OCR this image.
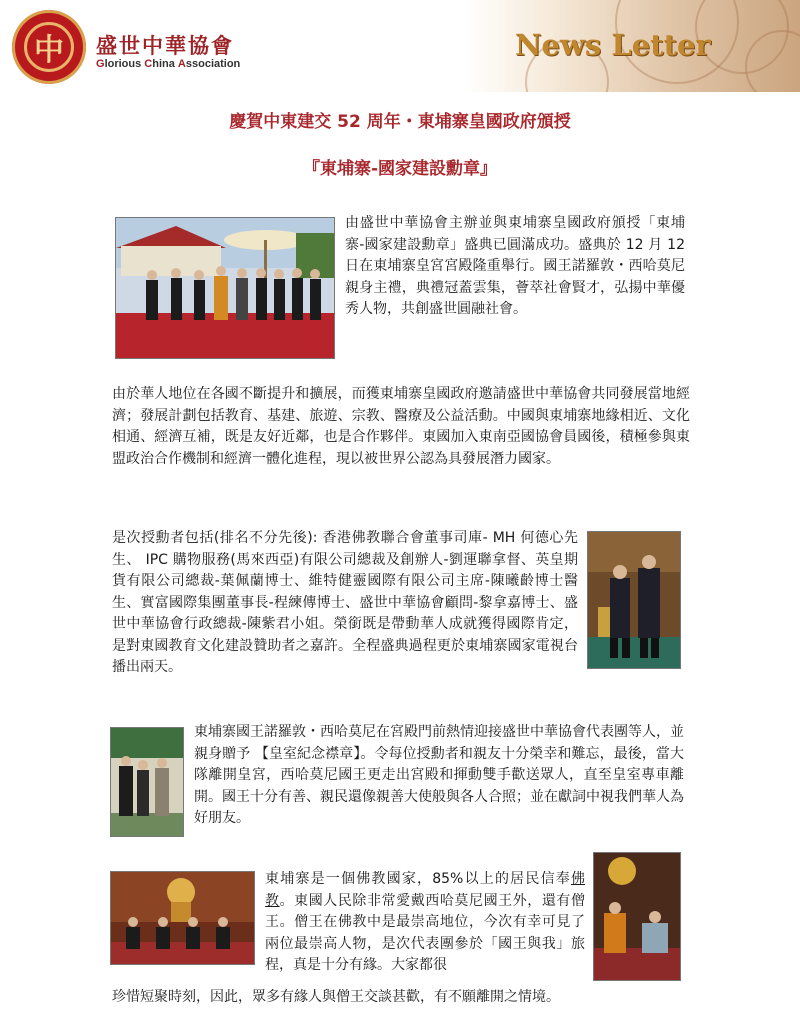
中	盛世中華協會
Glorious China Association
News Letter
慶賀中東建交 52 周年・東埔寨皇國政府頒授
『東埔寨-國家建設勳章』
由盛世中華協會主辦並與東埔寨皇國政府頒授「東埔寨-國家建設勳章」盛典已圓滿成功。盛典於 12 月 12 日在東埔寨皇宮宮殿隆重舉行。國王諾羅敦・西哈莫尼親身主禮，典禮冠蓋雲集，薈萃社會賢才，弘揚中華優秀人物，共創盛世圓融社會。
由於華人地位在各國不斷提升和擴展，而獲東埔寨皇國政府邀請盛世中華協會共同發展當地經濟；發展計劃包括教育、基建、旅遊、宗教、醫療及公益活動。中國與東埔寨地緣相近、文化相通、經濟互補，既是友好近鄰，也是合作夥伴。東國加入東南亞國協會員國後，積極參與東盟政治合作機制和經濟一體化進程，現以被世界公認為具發展潛力國家。
是次授勳者包括(排名不分先後): 香港佛教聯合會董事司庫- MH 何德心先生、 IPC 購物服務(馬來西亞)有限公司總裁及創辦人-劉運聯拿督、英皇期貨有限公司總裁-葉佩蘭博士、維特健靈國際有限公司主席-陳曦齡博士醫生、實富國際集團董事長-程練傳博士、盛世中華協會顧問-黎拿嘉博士、盛世中華協會行政總裁-陳紫君小姐。榮銜既是帶動華人成就獲得國際肯定，是對東國教育文化建設贊助者之嘉許。全程盛典過程更於東埔寨國家電視台播出兩天。
東埔寨國王諾羅敦・西哈莫尼在宮殿門前熱情迎接盛世中華協會代表團等人，並親身贈予 【皇室紀念襟章】。令每位授勳者和親友十分榮幸和難忘，最後，當大隊離開皇宮，西哈莫尼國王更走出宮殿和揮動雙手歡送眾人，直至皇室專車離開。國王十分有善、親民還像親善大使般與各人合照；並在獻詞中視我們華人為好朋友。
東埔寨是一個佛教國家，85%以上的居民信奉佛教。東國人民除非常愛戴西哈莫尼國王外，還有僧王。僧王在佛教中是最崇高地位，今次有幸可見了兩位最崇高人物，是次代表團參於「國王與我」旅程，真是十分有緣。大家都很
珍惜短聚時刻，因此，眾多有緣人與僧王交談甚歡，有不願離開之情境。
